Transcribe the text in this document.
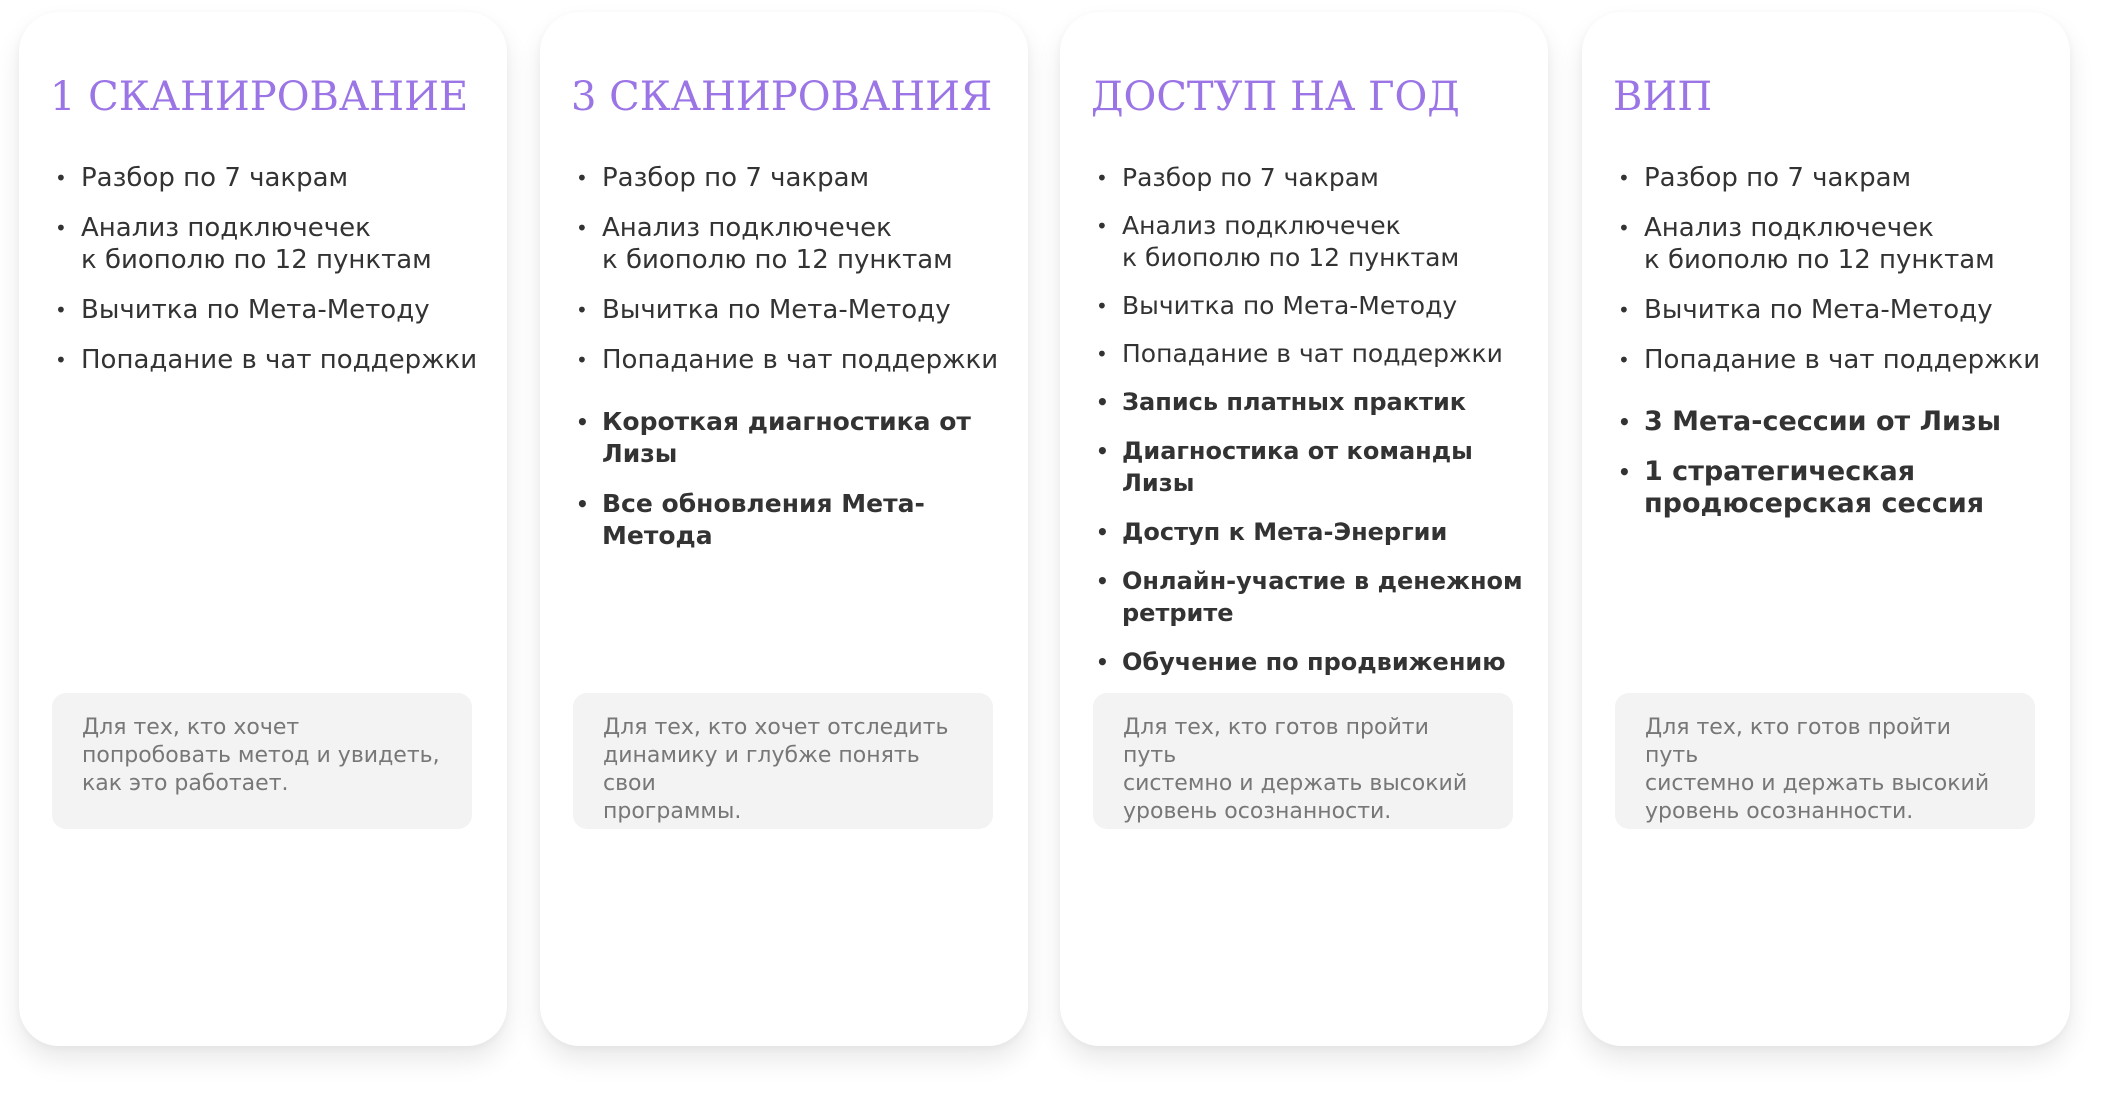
1 СКАНИРОВАНИЕ
• Разбор по 7 чакрам
• Анализ подключечек
к биополю по 12 пунктам
• Вычитка по Мета-Методу
• Попадание в чат поддержки
Для тех, кто хочет
попробовать метод и увидеть,
как это работает.
3 СКАНИРОВАНИЯ
• Разбор по 7 чакрам
• Анализ подключечек
к биополю по 12 пунктам
• Вычитка по Мета-Методу
• Попадание в чат поддержки
• Короткая диагностика от Лизы
• Все обновления Мета-Метода
Для тех, кто хочет отследить
динамику и глубже понять свои
программы.
ДОСТУП НА ГОД
• Разбор по 7 чакрам
• Анализ подключечек
к биополю по 12 пунктам
• Вычитка по Мета-Методу
• Попадание в чат поддержки
• Запись платных практик
• Диагностика от команды Лизы
• Доступ к Мета-Энергии
• Онлайн-участие в денежном
ретрите
• Обучение по продвижению
Для тех, кто готов пройти путь
системно и держать высокий
уровень осознанности.
ВИП
• Разбор по 7 чакрам
• Анализ подключечек
к биополю по 12 пунктам
• Вычитка по Мета-Методу
• Попадание в чат поддержки
• 3 Мета-сессии от Лизы
• 1 стратегическая
продюсерская сессия
Для тех, кто готов пройти путь
системно и держать высокий
уровень осознанности.
